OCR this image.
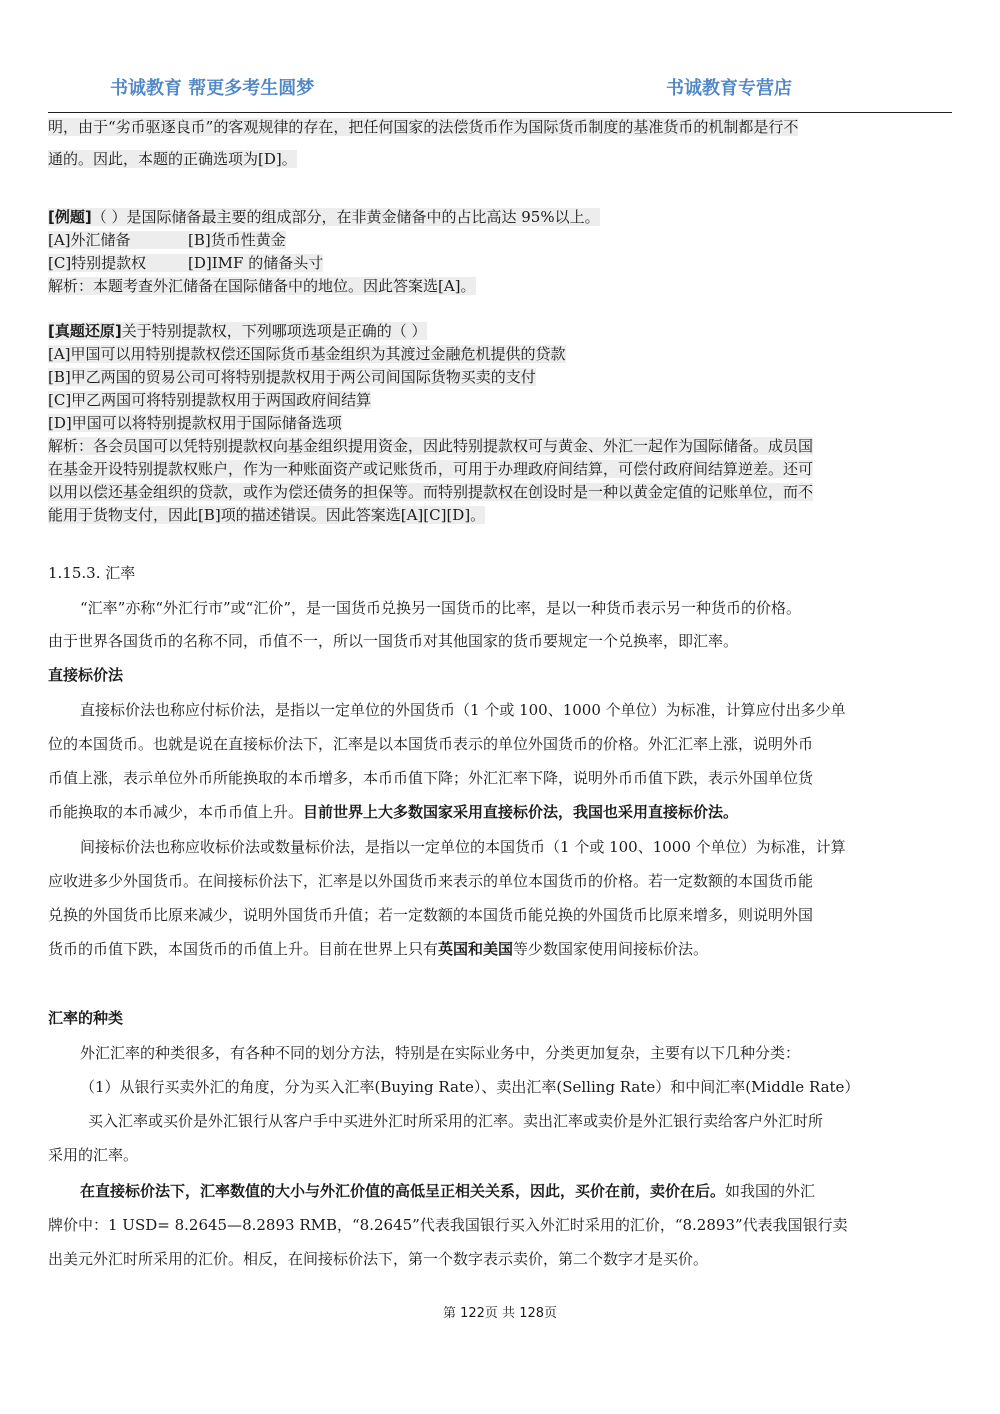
书诚教育 帮更多考生圆梦	书诚教育专营店
明，由于“劣币驱逐良币”的客观规律的存在，把任何国家的法偿货币作为国际货币制度的基准货币的机制都是行不
通的。因此，本题的正确选项为[D]。
[例题]（ ）是国际储备最主要的组成部分，在非黄金储备中的占比高达 95%以上。
[A]外汇储备	[B]货币性黄金
[C]特别提款权	[D]IMF 的储备头寸
解析：本题考查外汇储备在国际储备中的地位。因此答案选[A]。
[真题还原]关于特别提款权，下列哪项选项是正确的（ ）
[A]甲国可以用特别提款权偿还国际货币基金组织为其渡过金融危机提供的贷款
[B]甲乙两国的贸易公司可将特别提款权用于两公司间国际货物买卖的支付
[C]甲乙两国可将特别提款权用于两国政府间结算
[D]甲国可以将特别提款权用于国际储备选项
解析：各会员国可以凭特别提款权向基金组织提用资金，因此特别提款权可与黄金、外汇一起作为国际储备。成员国
在基金开设特别提款权账户，作为一种账面资产或记账货币，可用于办理政府间结算，可偿付政府间结算逆差。还可
以用以偿还基金组织的贷款，或作为偿还债务的担保等。而特别提款权在创设时是一种以黄金定值的记账单位，而不
能用于货物支付，因此[B]项的描述错误。因此答案选[A][C][D]。
1.15.3. 汇率
“汇率”亦称“外汇行市”或“汇价”，是一国货币兑换另一国货币的比率，是以一种货币表示另一种货币的价格。
由于世界各国货币的名称不同，币值不一，所以一国货币对其他国家的货币要规定一个兑换率，即汇率。
直接标价法
直接标价法也称应付标价法，是指以一定单位的外国货币（1 个或 100、1000 个单位）为标准，计算应付出多少单
位的本国货币。也就是说在直接标价法下，汇率是以本国货币表示的单位外国货币的价格。外汇汇率上涨，说明外币
币值上涨，表示单位外币所能换取的本币增多，本币币值下降；外汇汇率下降，说明外币币值下跌，表示外国单位货
币能换取的本币减少，本币币值上升。目前世界上大多数国家采用直接标价法，我国也采用直接标价法。
间接标价法也称应收标价法或数量标价法，是指以一定单位的本国货币（1 个或 100、1000 个单位）为标准，计算
应收进多少外国货币。在间接标价法下，汇率是以外国货币来表示的单位本国货币的价格。若一定数额的本国货币能
兑换的外国货币比原来减少，说明外国货币升值；若一定数额的本国货币能兑换的外国货币比原来增多，则说明外国
货币的币值下跌，本国货币的币值上升。目前在世界上只有英国和美国等少数国家使用间接标价法。
汇率的种类
外汇汇率的种类很多，有各种不同的划分方法，特别是在实际业务中，分类更加复杂，主要有以下几种分类：
（1）从银行买卖外汇的角度，分为买入汇率(Buying Rate）、卖出汇率(Selling Rate）和中间汇率(Middle Rate）
买入汇率或买价是外汇银行从客户手中买进外汇时所采用的汇率。卖出汇率或卖价是外汇银行卖给客户外汇时所
采用的汇率。
在直接标价法下，汇率数值的大小与外汇价值的高低呈正相关关系，因此，买价在前，卖价在后。如我国的外汇
牌价中：1 USD= 8.2645—8.2893 RMB，“8.2645”代表我国银行买入外汇时采用的汇价，“8.2893”代表我国银行卖
出美元外汇时所采用的汇价。相反，在间接标价法下，第一个数字表示卖价，第二个数字才是买价。
第 122页 共 128页
